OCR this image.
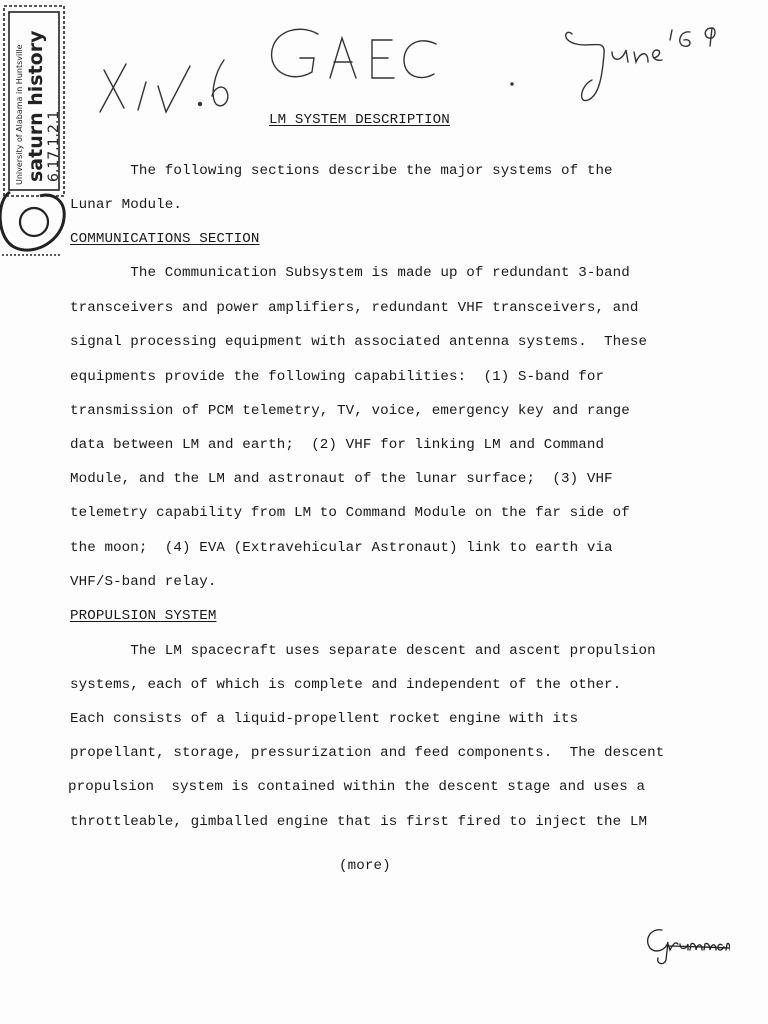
University of Alabama in Huntsville saturn history 6.17.1.2.1	LM SYSTEM DESCRIPTION
The following sections describe the major systems of the
Lunar Module.
COMMUNICATIONS SECTION
The Communication Subsystem is made up of redundant 3-band
transceivers and power amplifiers, redundant VHF transceivers, and
signal processing equipment with associated antenna systems.  These
equipments provide the following capabilities:  (1) S-band for
transmission of PCM telemetry, TV, voice, emergency key and range
data between LM and earth;  (2) VHF for linking LM and Command
Module, and the LM and astronaut of the lunar surface;  (3) VHF
telemetry capability from LM to Command Module on the far side of
the moon;  (4) EVA (Extravehicular Astronaut) link to earth via
VHF/S-band relay.
PROPULSION SYSTEM
The LM spacecraft uses separate descent and ascent propulsion
systems, each of which is complete and independent of the other.
Each consists of a liquid-propellent rocket engine with its
propellant, storage, pressurization and feed components.  The descent
propulsion  system is contained within the descent stage and uses a
throttleable, gimballed engine that is first fired to inject the LM
(more)
